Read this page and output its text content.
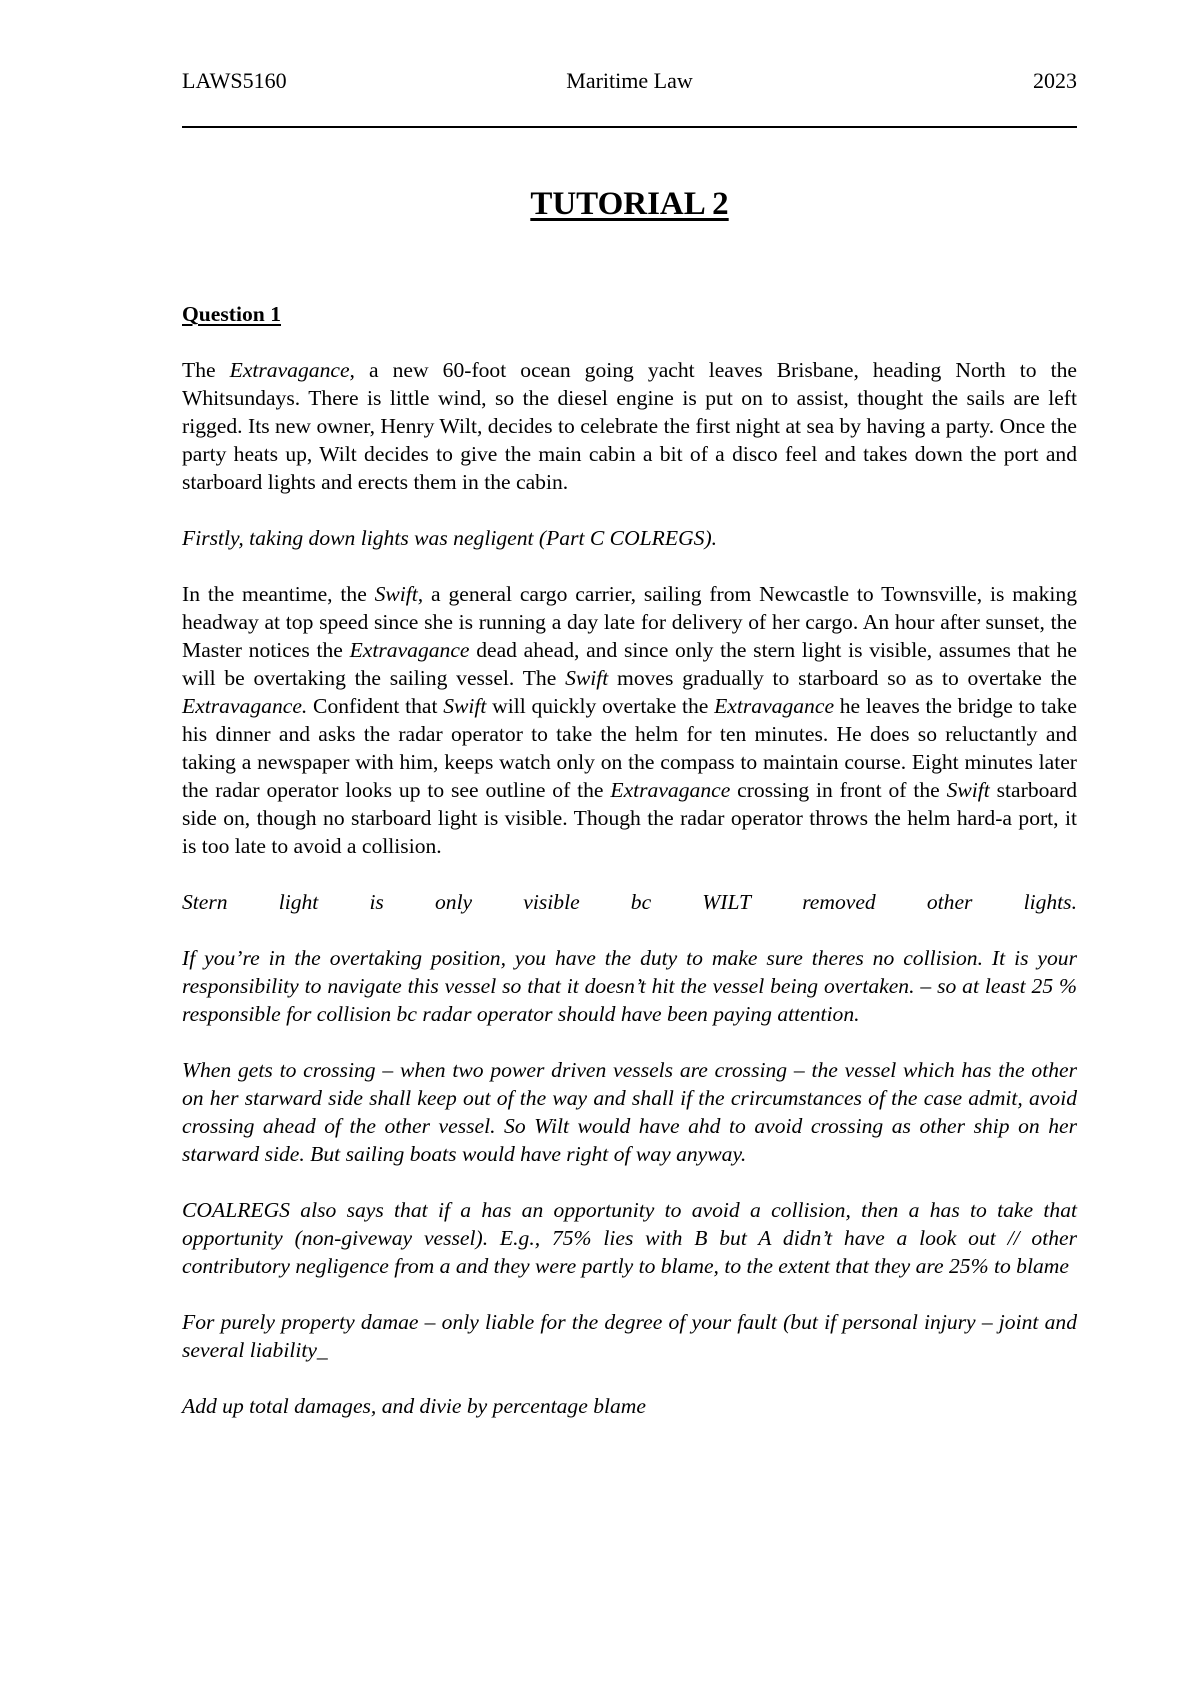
LAWS5160	Maritime Law	2023
TUTORIAL 2

Question 1

The Extravagance, a new 60-foot ocean going yacht leaves Brisbane, heading North to the Whitsundays. There is little wind, so the diesel engine is put on to assist, thought the sails are left rigged. Its new owner, Henry Wilt, decides to celebrate the first night at sea by having a party. Once the party heats up, Wilt decides to give the main cabin a bit of a disco feel and takes down the port and starboard lights and erects them in the cabin.

Firstly, taking down lights was negligent (Part C COLREGS).

In the meantime, the Swift, a general cargo carrier, sailing from Newcastle to Townsville, is making headway at top speed since she is running a day late for delivery of her cargo. An hour after sunset, the Master notices the Extravagance dead ahead, and since only the stern light is visible, assumes that he will be overtaking the sailing vessel. The Swift moves gradually to starboard so as to overtake the Extravagance. Confident that Swift will quickly overtake the Extravagance he leaves the bridge to take his dinner and asks the radar operator to take the helm for ten minutes. He does so reluctantly and taking a newspaper with him, keeps watch only on the compass to maintain course. Eight minutes later the radar operator looks up to see outline of the Extravagance crossing in front of the Swift starboard side on, though no starboard light is visible. Though the radar operator throws the helm hard-a port, it is too late to avoid a collision.

Stern light is only visible bc WILT removed other lights.

If you’re in the overtaking position, you have the duty to make sure theres no collision. It is your responsibility to navigate this vessel so that it doesn’t hit the vessel being overtaken. – so at least 25 % responsible for collision bc radar operator should have been paying attention.

When gets to crossing – when two power driven vessels are crossing – the vessel which has the other on her starward side shall keep out of the way and shall if the crircumstances of the case admit, avoid crossing ahead of the other vessel. So Wilt would have ahd to avoid crossing as other ship on her starward side. But sailing boats would have right of way anyway.

COALREGS also says that if a has an opportunity to avoid a collision, then a has to take that opportunity (non-giveway vessel). E.g., 75% lies with B but A didn’t have a look out // other contributory negligence from a and they were partly to blame, to the extent that they are 25% to blame

For purely property damae – only liable for the degree of your fault (but if personal injury – joint and several liability_

Add up total damages, and divie by percentage blame
